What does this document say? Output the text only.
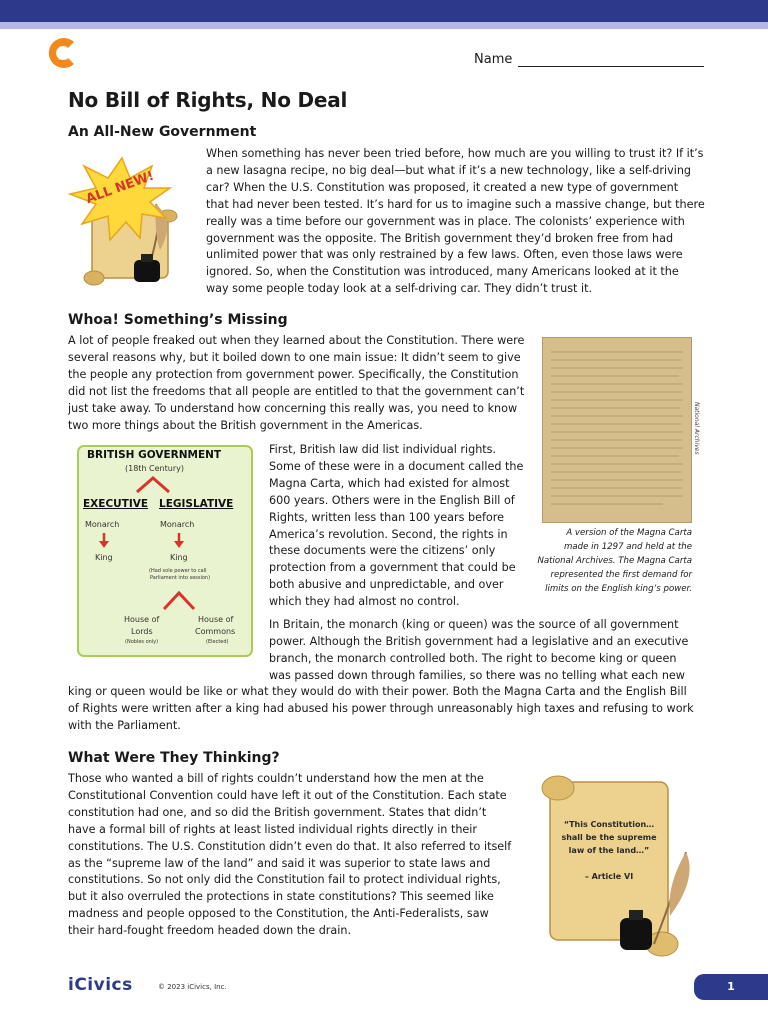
Name
No Bill of Rights, No Deal
An All-New Government
ALL NEW!

When something has never been tried before, how much are you willing to trust it? If it’s
a new lasagna recipe, no big deal—but what if it’s a new technology, like a self-driving
car? When the U.S. Constitution was proposed, it created a new type of government
that had never been tested. It’s hard for us to imagine such a massive change, but there
really was a time before our government was in place. The colonists’ experience with
government was the opposite. The British government they’d broken free from had
unlimited power that was only restrained by a few laws. Often, even those laws were
ignored. So, when the Constitution was introduced, many Americans looked at it the
way some people today look at a self-driving car. They didn’t trust it.

Whoa! Something’s Missing

A lot of people freaked out when they learned about the Constitution. There were
several reasons why, but it boiled down to one main issue: It didn’t seem to give
the people any protection from government power. Specifically, the Constitution
did not list the freedoms that all people are entitled to that the government can’t
just take away. To understand how concerning this really was, you need to know
two more things about the British government in the Americas.	National Archives
A version of the Magna Carta
made in 1297 and held at the
National Archives. The Magna Carta
represented the first demand for
limits on the English king’s power.
BRITISH GOVERNMENT
(18th Century)
EXECUTIVE LEGISLATIVE
Monarch	Monarch
King	King
(Had sole power to call
Parliament into session)
House of
Lords
(Nobles only)
House of
Commons
(Elected)

First, British law did list individual rights.
Some of these were in a document called the
Magna Carta, which had existed for almost
600 years. Others were in the English Bill of
Rights, written less than 100 years before
America’s revolution. Second, the rights in
these documents were the citizens’ only
protection from a government that could be
both abusive and unpredictable, and over
which they had almost no control.

In Britain, the monarch (king or queen) was the source of all government
power. Although the British government had a legislative and an executive
branch, the monarch controlled both. The right to become king or queen
was passed down through families, so there was no telling what each new

king or queen would be like or what they would do with their power. Both the Magna Carta and the English Bill
of Rights were written after a king had abused his power through unreasonably high taxes and refusing to work
with the Parliament.

What Were They Thinking?

Those who wanted a bill of rights couldn’t understand how the men at the
Constitutional Convention could have left it out of the Constitution. Each state
constitution had one, and so did the British government. States that didn’t
have a formal bill of rights at least listed individual rights directly in their
constitutions. The U.S. Constitution didn’t even do that. It also referred to itself
as the “supreme law of the land” and said it was superior to state laws and
constitutions. So not only did the Constitution fail to protect individual rights,
but it also overruled the protections in state constitutions? This seemed like
madness and people opposed to the Constitution, the Anti-Federalists, saw
their hard-fought freedom headed down the drain.

“This Constitution…
shall be the supreme
law of the land…”

– Article VI
iCivics	© 2023 iCivics, Inc.	1
